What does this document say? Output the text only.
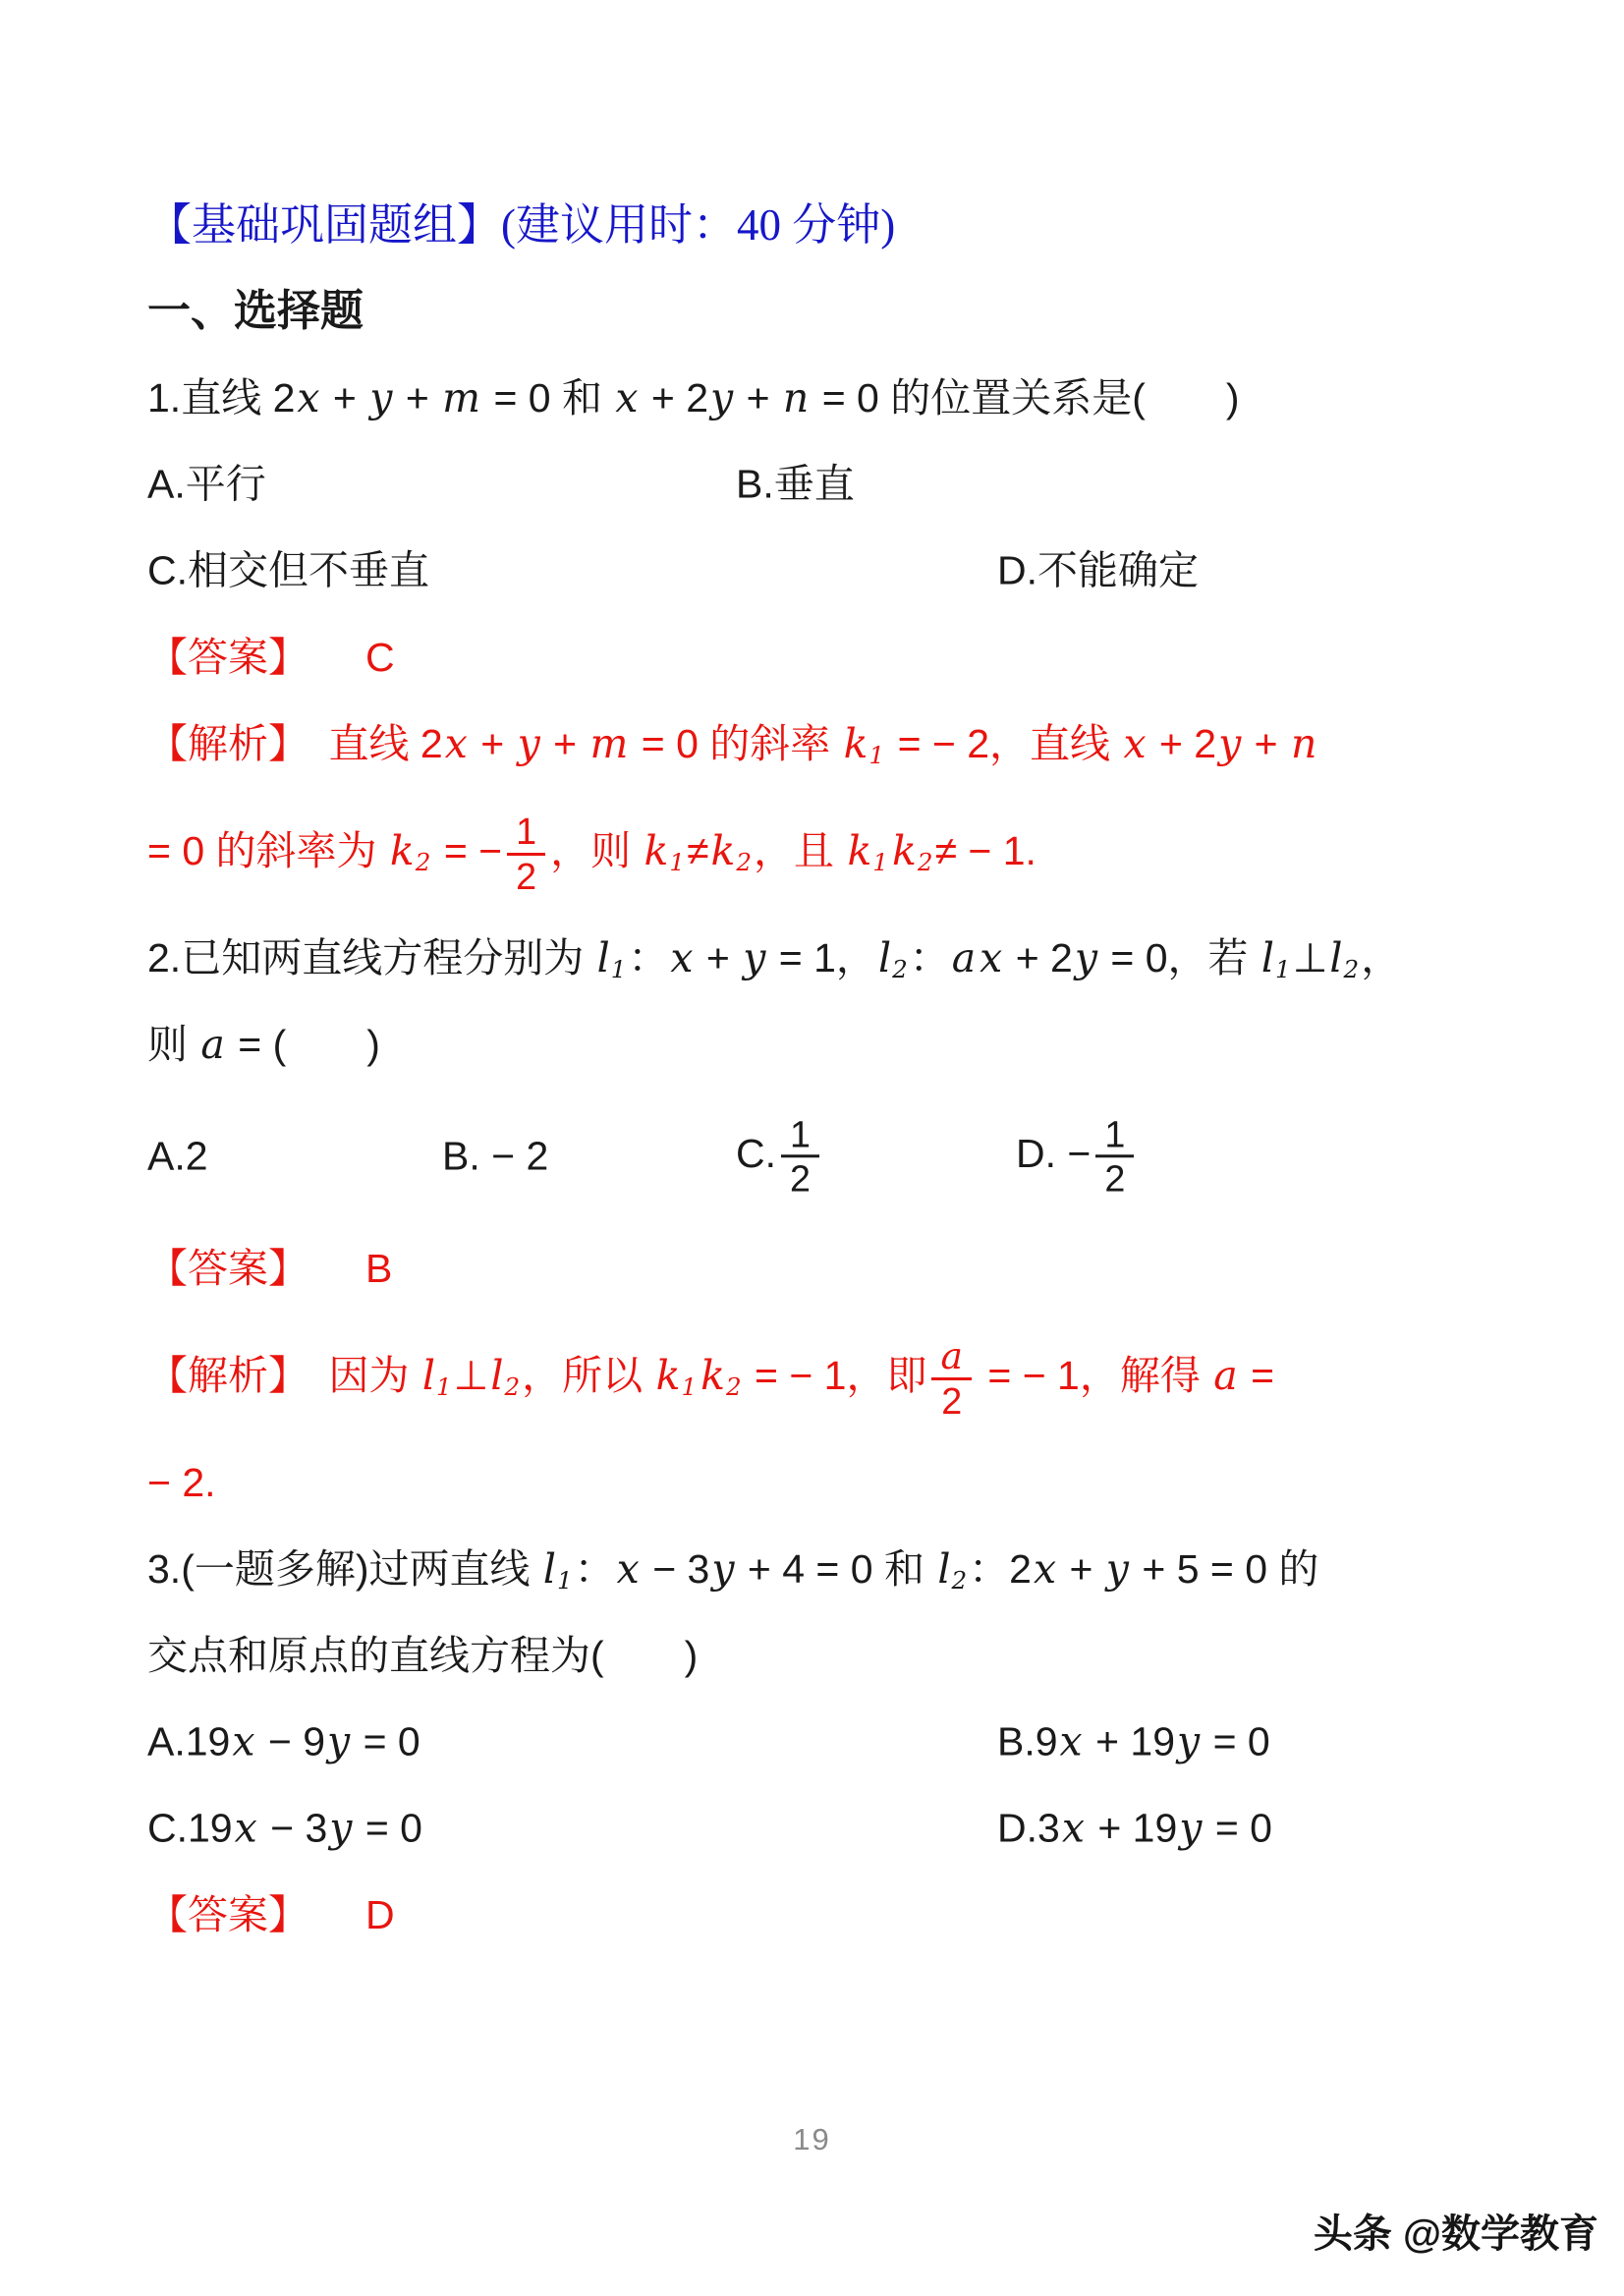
【基础巩固题组】(建议用时：40 分钟)
一、选择题
1.直线 2x + y + m = 0 和 x + 2y + n = 0 的位置关系是(　　)
A.平行	B.垂直
C.相交但不垂直	D.不能确定
【答案】 C
【解析】　直线 2x + y + m = 0 的斜率 $k_1$ = − 2，直线 x + 2y + n
= 0 的斜率为 $k_2$ = − $\frac{1}{2}$ ，则 $k_1\ne k_2$，且 $k_1k_2\ne - 1$.
2.已知两直线方程分别为 $l_1$：x + y = 1，$l_2$：ax + 2y = 0，若 $l_1\perp l_2$，
则 a = (　　)
A.2	B. − 2	C. $\frac{1}{2}$	D. − $\frac{1}{2}$
【答案】 B
【解析】　因为 $l_1\perp l_2$，所以 $k_1k_2$ = − 1，即 $\frac{a}{2}$ = − 1，解得 a =
− 2.
3.(一题多解)过两直线 $l_1$：x − 3y + 4 = 0 和 $l_2$：2x + y + 5 = 0 的
交点和原点的直线方程为(　　)
A.19x − 9y = 0	B.9x + 19y = 0
C.19x − 3y = 0	D.3x + 19y = 0
【答案】 D
19
头条 @数学教育
